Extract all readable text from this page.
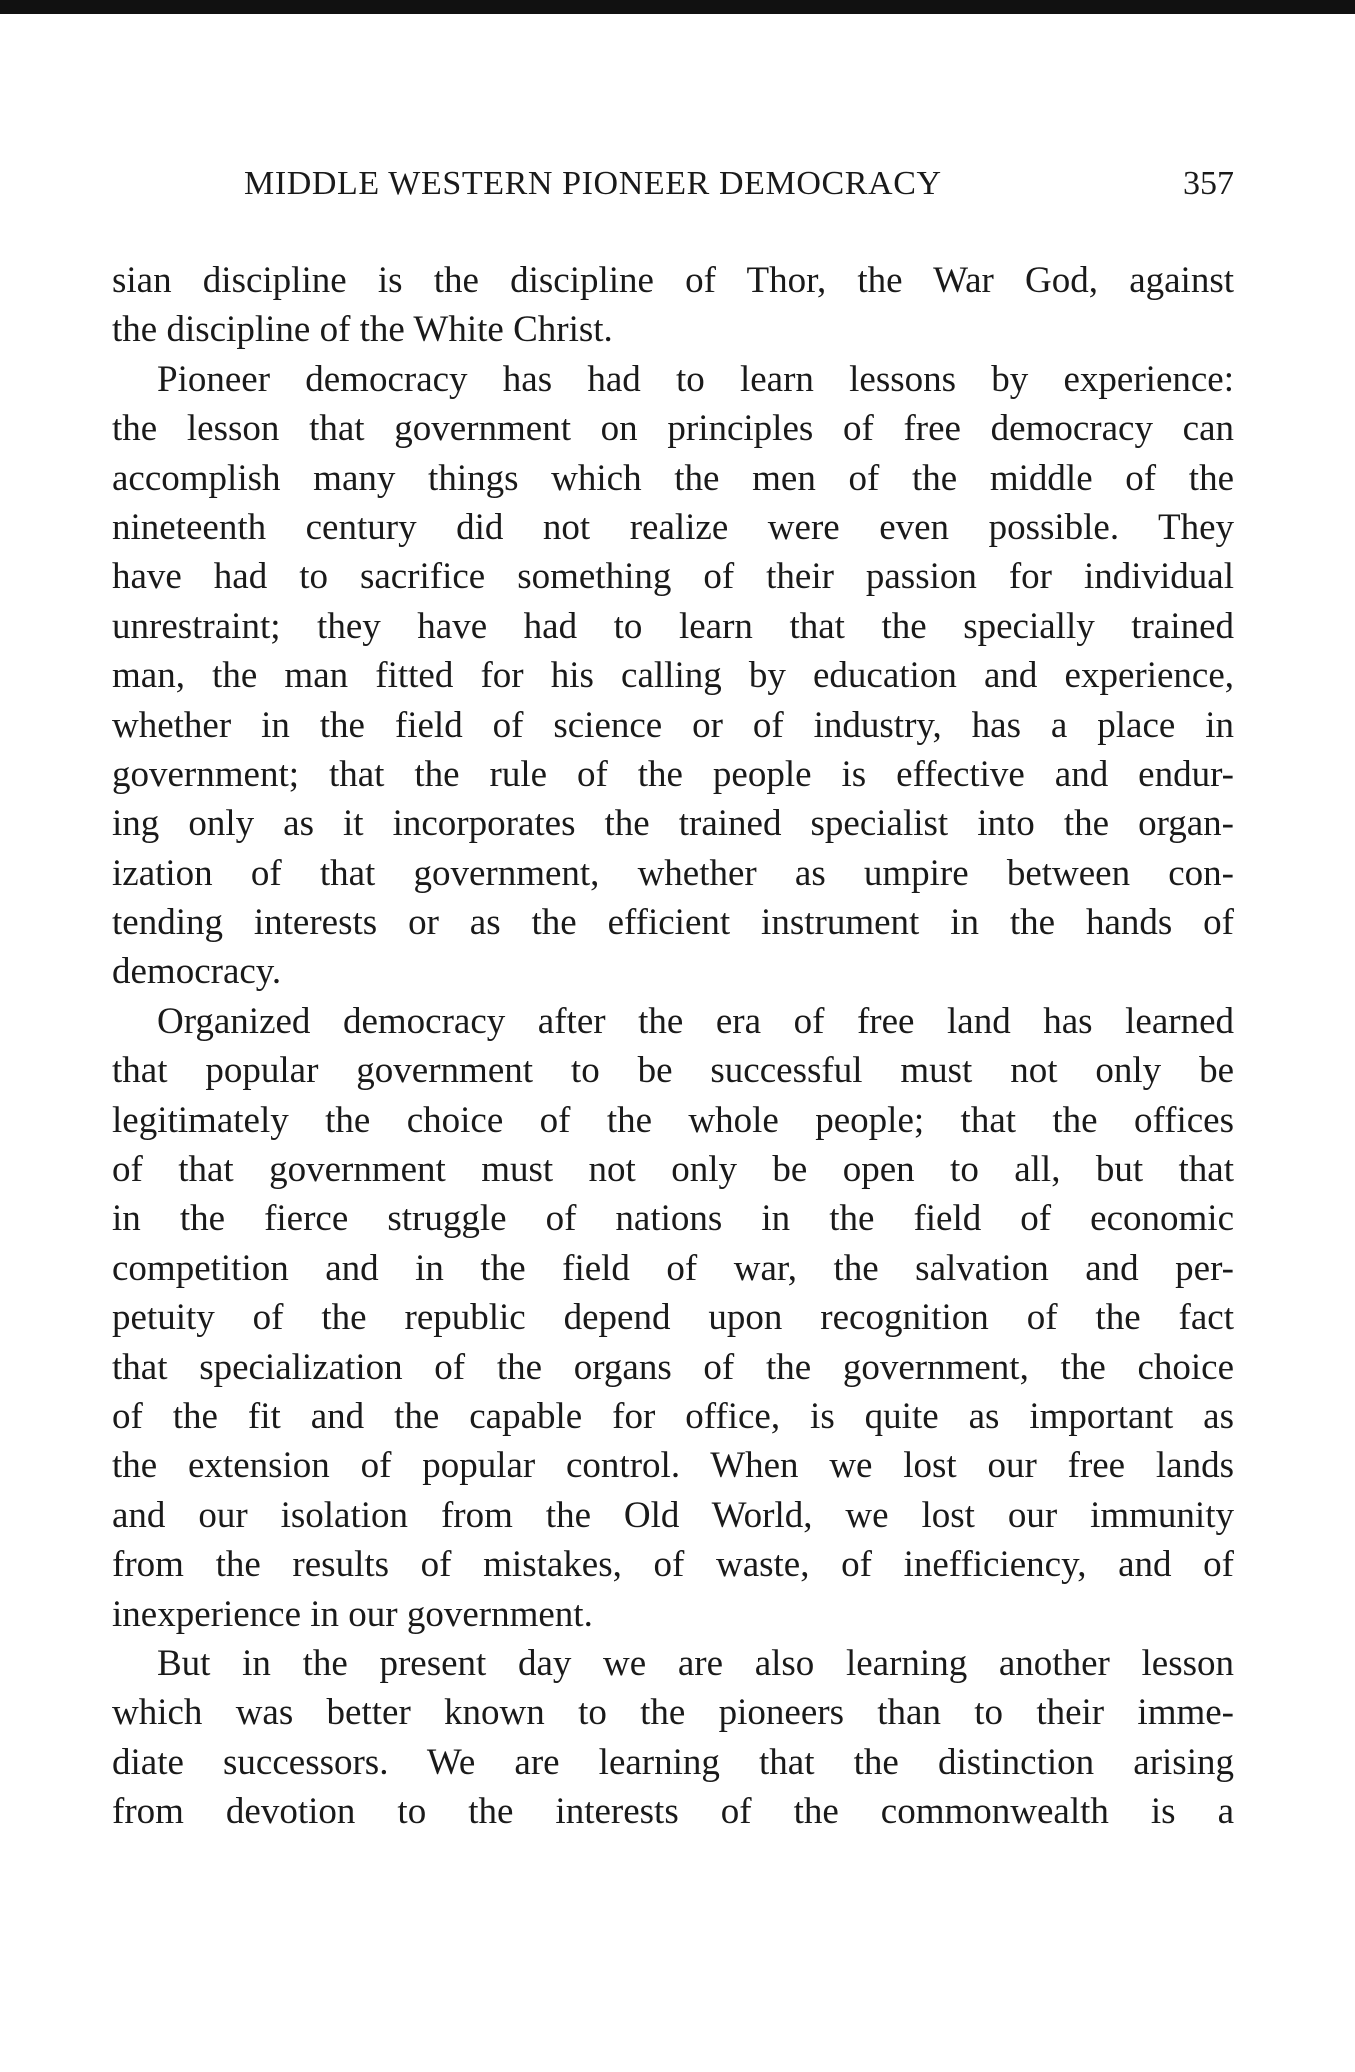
MIDDLE WESTERN PIONEER DEMOCRACY	357
sian discipline is the discipline of Thor, the War God, against
the discipline of the White Christ.
Pioneer democracy has had to learn lessons by experience:
the lesson that government on principles of free democracy can
accomplish many things which the men of the middle of the
nineteenth century did not realize were even possible. They
have had to sacrifice something of their passion for individual
unrestraint; they have had to learn that the specially trained
man, the man fitted for his calling by education and experience,
whether in the field of science or of industry, has a place in
government; that the rule of the people is effective and endur-
ing only as it incorporates the trained specialist into the organ-
ization of that government, whether as umpire between con-
tending interests or as the efficient instrument in the hands of
democracy.
Organized democracy after the era of free land has learned
that popular government to be successful must not only be
legitimately the choice of the whole people; that the offices
of that government must not only be open to all, but that
in the fierce struggle of nations in the field of economic
competition and in the field of war, the salvation and per-
petuity of the republic depend upon recognition of the fact
that specialization of the organs of the government, the choice
of the fit and the capable for office, is quite as important as
the extension of popular control. When we lost our free lands
and our isolation from the Old World, we lost our immunity
from the results of mistakes, of waste, of inefficiency, and of
inexperience in our government.
But in the present day we are also learning another lesson
which was better known to the pioneers than to their imme-
diate successors. We are learning that the distinction arising
from devotion to the interests of the commonwealth is a
